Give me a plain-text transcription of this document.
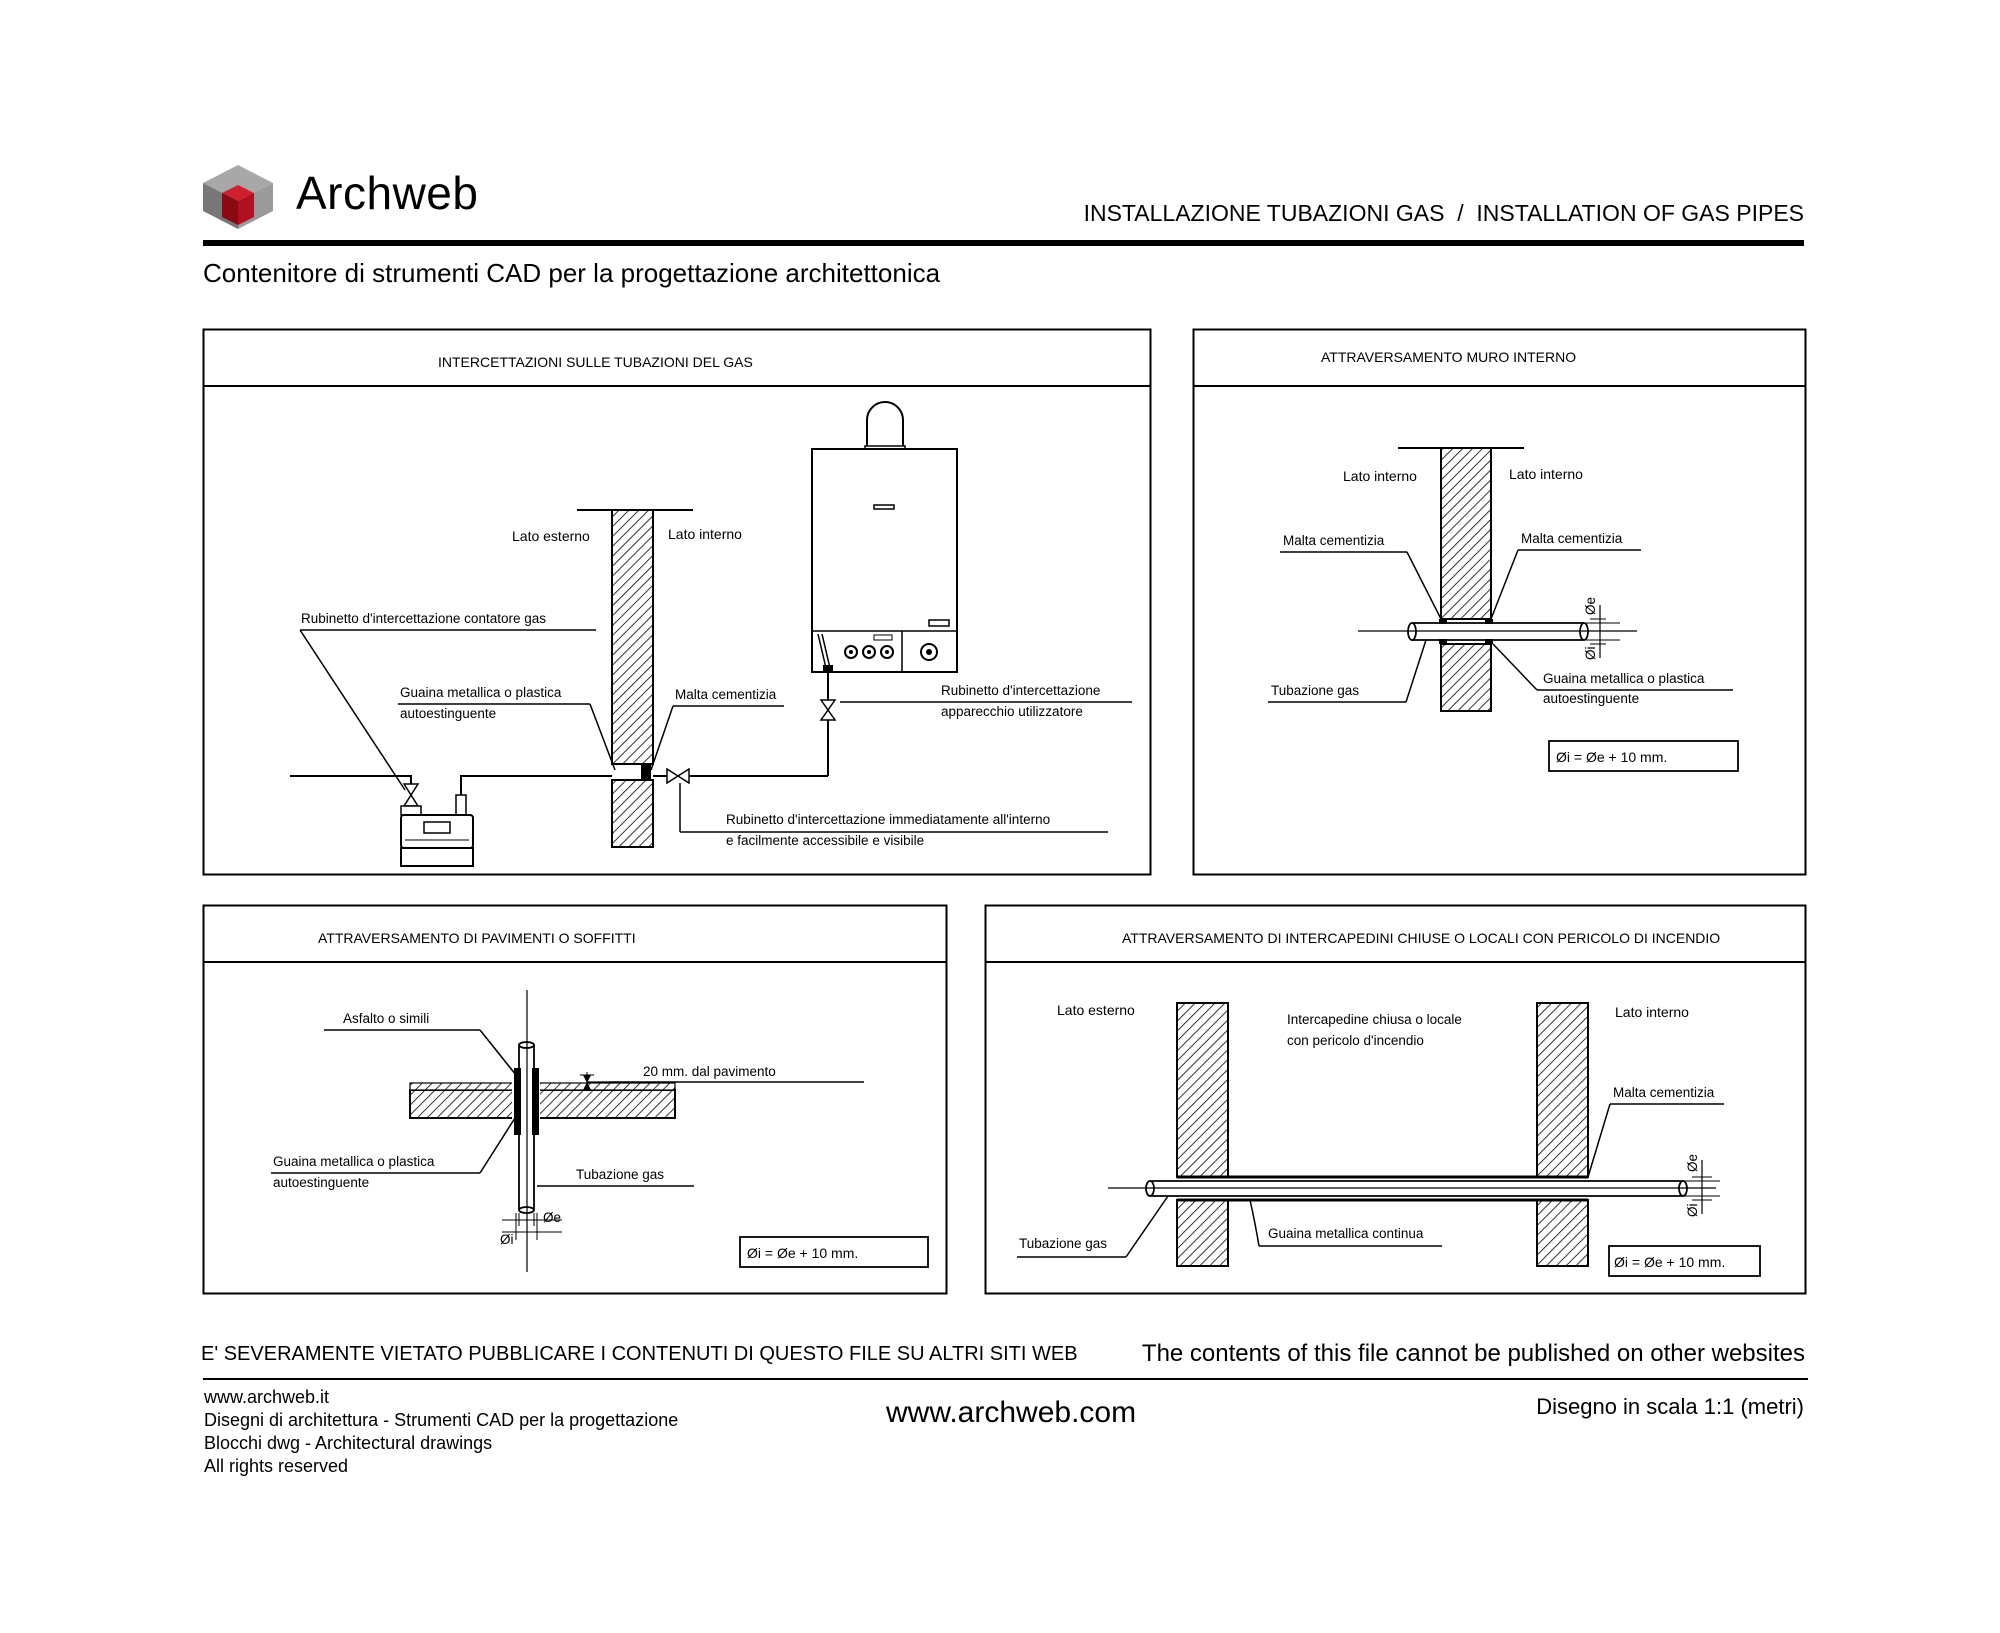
Archweb	INSTALLAZIONE TUBAZIONI GAS  /  INSTALLATION OF GAS PIPES
Contenitore di strumenti CAD per la progettazione architettonica
INTERCETTAZIONI SULLE TUBAZIONI DEL GAS
Lato esterno	Lato interno
Rubinetto d'intercettazione contatore gas
Guaina metallica o plastica
autoestinguente
Malta cementizia	Rubinetto d'intercettazione
apparecchio utilizzatore
Rubinetto d'intercettazione immediatamente all'interno
e facilmente accessibile e visibile
ATTRAVERSAMENTO MURO INTERNO
Øe
Øi
Lato interno	Lato interno
Malta cementizia	Malta cementizia
Tubazione gas
Guaina metallica o plastica
autoestinguente
Øi = Øe + 10 mm.
ATTRAVERSAMENTO DI PAVIMENTI O SOFFITTI
Øe
Øi
20 mm. dal pavimento
Asfalto o simili
Guaina metallica o plastica
autoestinguente
Tubazione gas
Øi = Øe + 10 mm.
ATTRAVERSAMENTO DI INTERCAPEDINI CHIUSE O LOCALI CON PERICOLO DI INCENDIO
Øe
Øi
Lato esterno	Lato interno
Intercapedine chiusa o locale
con pericolo d'incendio
Malta cementizia
Tubazione gas
Guaina metallica continua
Øi = Øe + 10 mm.
E' SEVERAMENTE VIETATO PUBBLICARE I CONTENUTI DI QUESTO FILE SU ALTRI SITI WEB	The contents of this file cannot be published on other websites
www.archweb.it
Disegni di architettura - Strumenti CAD per la progettazione
Blocchi dwg - Architectural drawings
All rights reserved
www.archweb.com	Disegno in scala 1:1 (metri)
